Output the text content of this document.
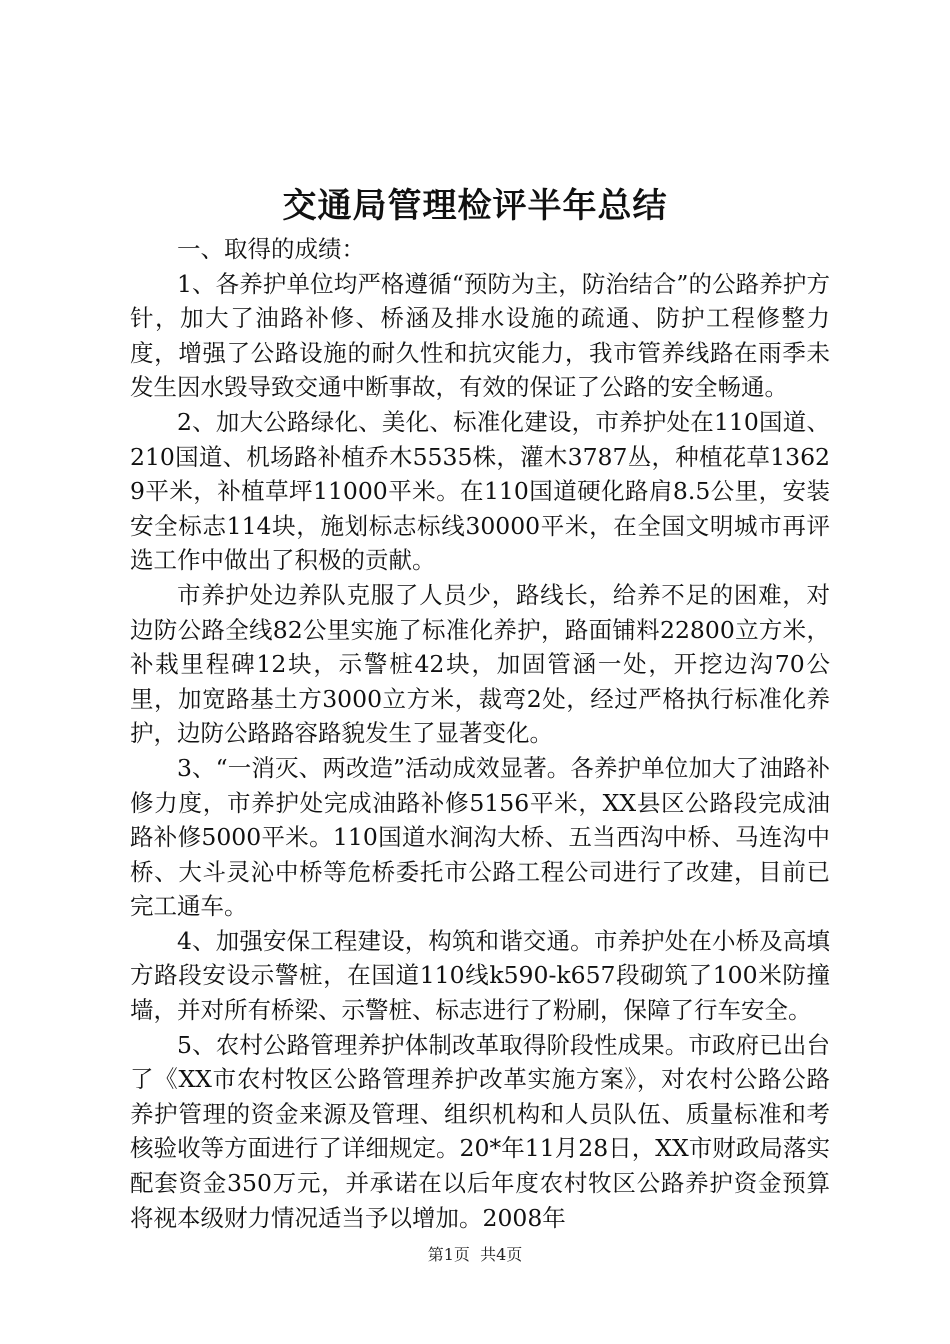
交通局管理检评半年总结

一、取得的成绩：

1、各养护单位均严格遵循“预防为主，防治结合”的公路养护方针，加大了油路补修、桥涵及排水设施的疏通、防护工程修整力度，增强了公路设施的耐久性和抗灾能力，我市管养线路在雨季未发生因水毁导致交通中断事故，有效的保证了公路的安全畅通。

2、加大公路绿化、美化、标准化建设，市养护处在110国道、210国道、机场路补植乔木5535株，灌木3787丛，种植花草13629平米，补植草坪11000平米。在110国道硬化路肩8.5公里，安装安全标志114块，施划标志标线30000平米，在全国文明城市再评选工作中做出了积极的贡献。

市养护处边养队克服了人员少，路线长，给养不足的困难，对边防公路全线82公里实施了标准化养护，路面铺料22800立方米，补栽里程碑12块，示警桩42块，加固管涵一处，开挖边沟70公里，加宽路基土方3000立方米，裁弯2处，经过严格执行标准化养护，边防公路路容路貌发生了显著变化。

3、“一消灭、两改造”活动成效显著。各养护单位加大了油路补修力度，市养护处完成油路补修5156平米，XX县区公路段完成油路补修5000平米。110国道水涧沟大桥、五当西沟中桥、马连沟中桥、大斗灵沁中桥等危桥委托市公路工程公司进行了改建，目前已完工通车。

4、加强安保工程建设，构筑和谐交通。市养护处在小桥及高填方路段安设示警桩，在国道110线k590-k657段砌筑了100米防撞墙，并对所有桥梁、示警桩、标志进行了粉刷，保障了行车安全。

5、农村公路管理养护体制改革取得阶段性成果。市政府已出台了《XX市农村牧区公路管理养护改革实施方案》，对农村公路公路养护管理的资金来源及管理、组织机构和人员队伍、质量标准和考核验收等方面进行了详细规定。20*年11月28日，XX市财政局落实配套资金350万元，并承诺在以后年度农村牧区公路养护资金预算将视本级财力情况适当予以增加。2008年

第1页  共4页
